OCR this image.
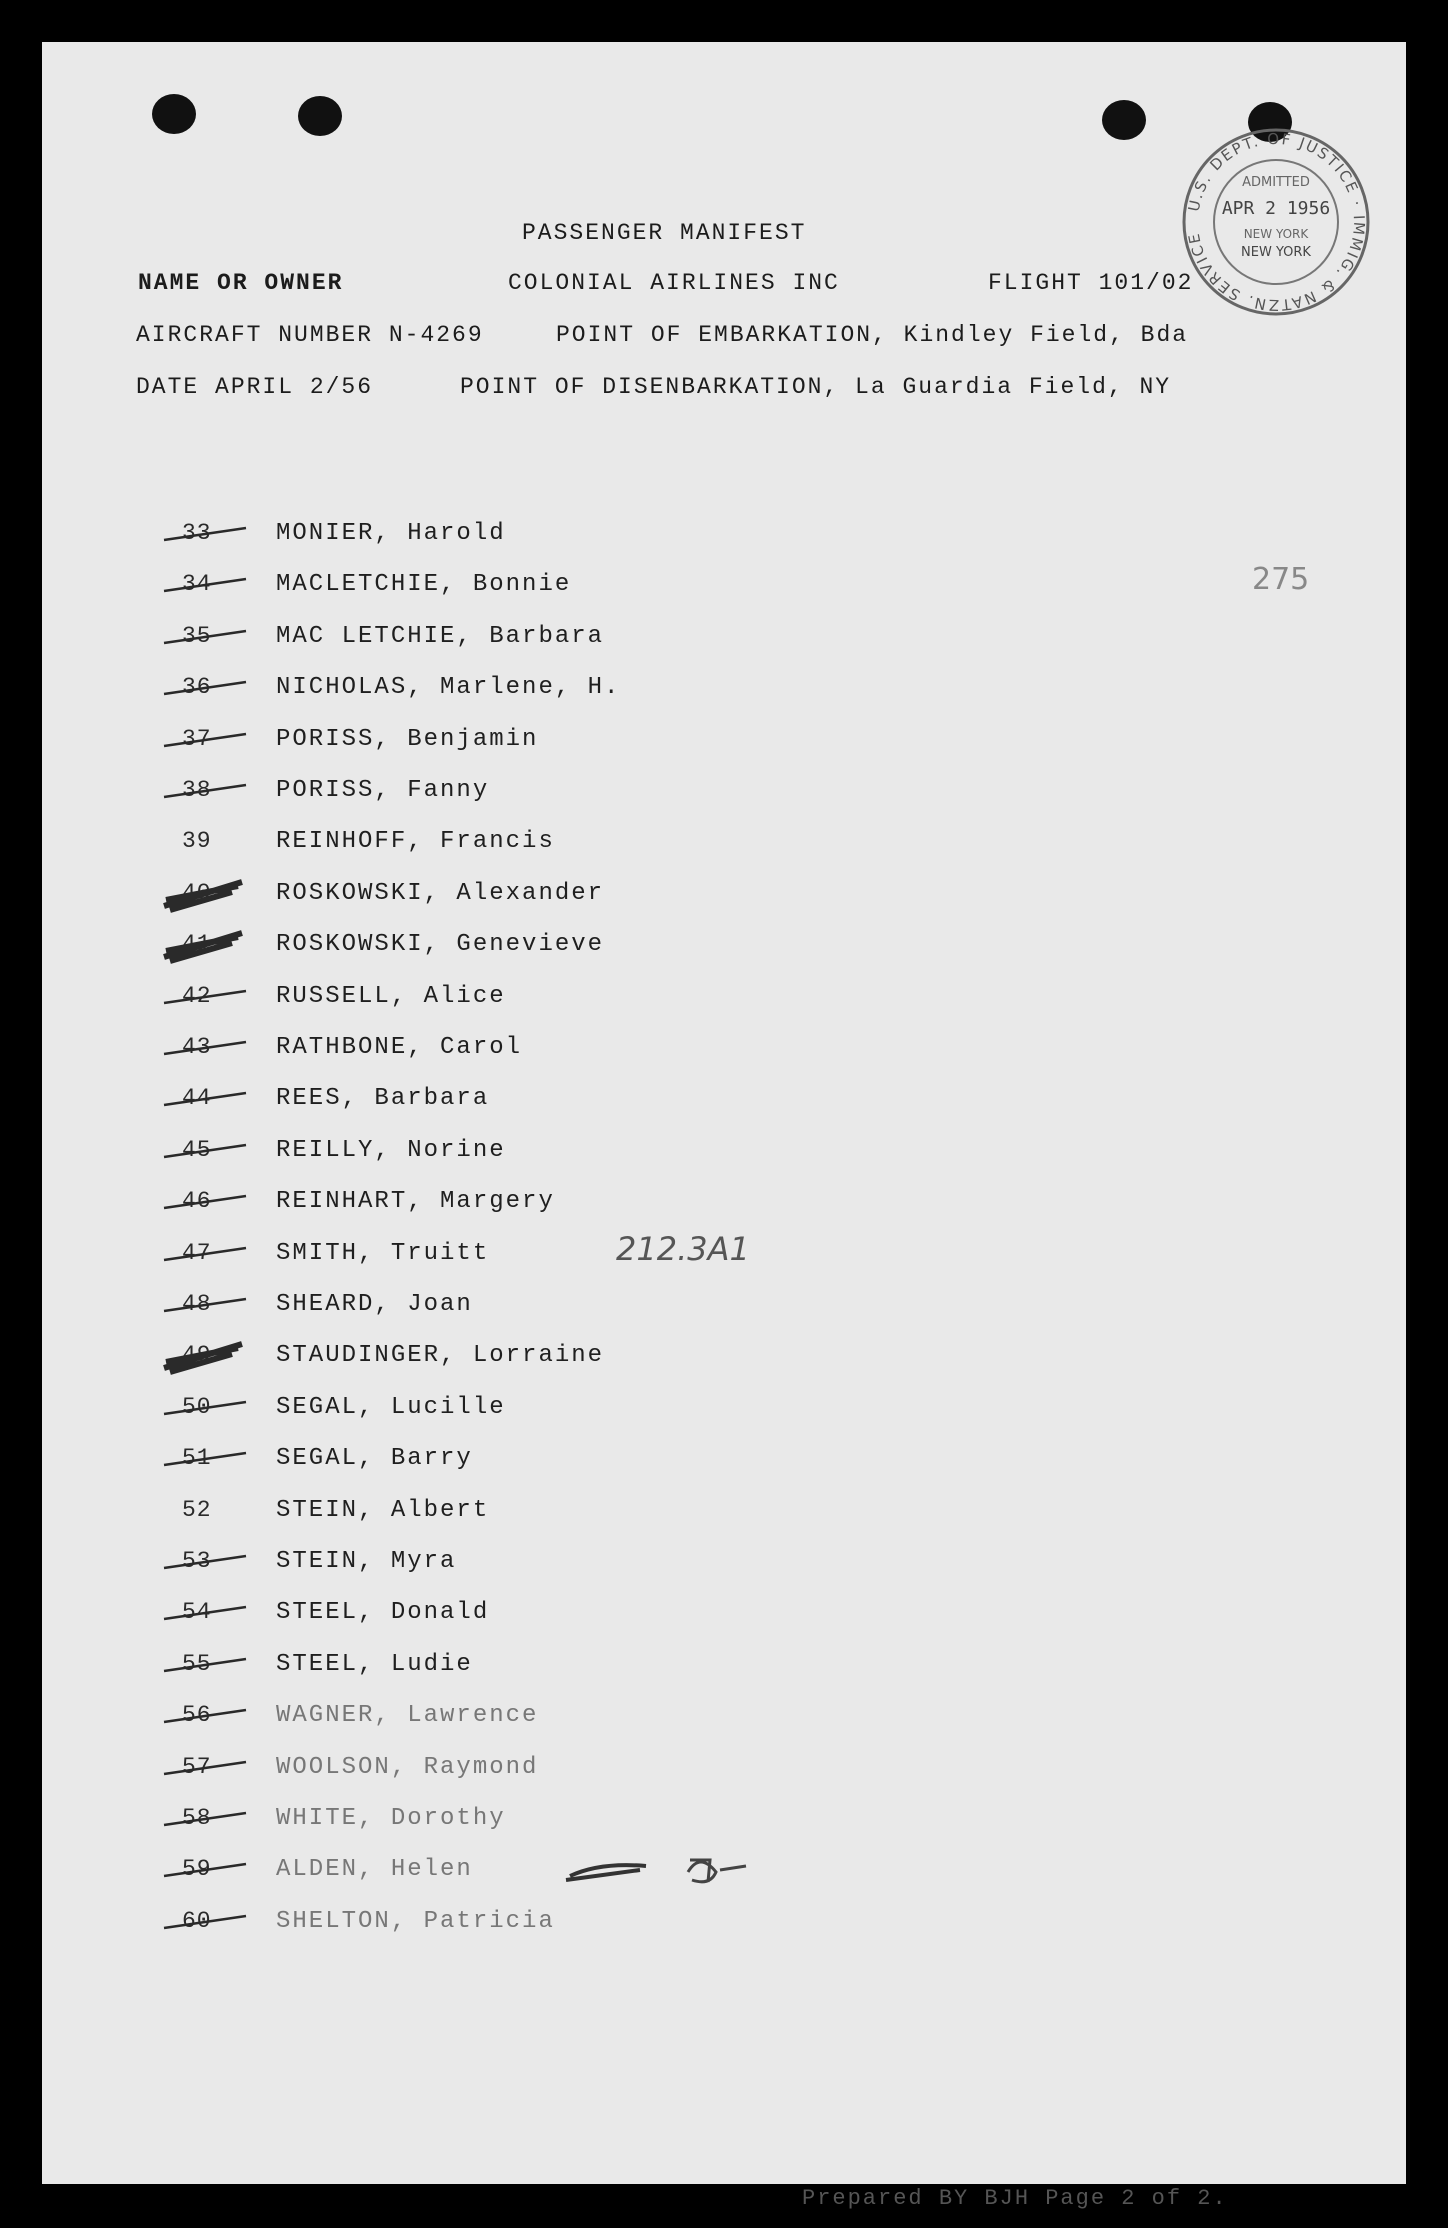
U.S. DEPT. OF JUSTICE · IMMIG. & NATZN. SERVICE
ADMITTED
APR 2 1956
NEW YORK
NEW YORK
PASSENGER MANIFEST
NAME OR OWNER	COLONIAL AIRLINES INC	FLIGHT 101/02
AIRCRAFT NUMBER N-4269	POINT OF EMBARKATION, Kindley Field, Bda
DATE APRIL 2/56	POINT OF DISENBARKATION, La Guardia Field, NY
275
212.3A1
33	MONIER, Harold
34	MACLETCHIE, Bonnie
35	MAC LETCHIE, Barbara
36	NICHOLAS, Marlene, H.
37	PORISS, Benjamin
38	PORISS, Fanny
39	REINHOFF, Francis
40	ROSKOWSKI, Alexander
41	ROSKOWSKI, Genevieve
42	RUSSELL, Alice
43	RATHBONE, Carol
44	REES, Barbara
45	REILLY, Norine
46	REINHART, Margery
47	SMITH, Truitt
48	SHEARD, Joan
49	STAUDINGER, Lorraine
50	SEGAL, Lucille
51	SEGAL, Barry
52	STEIN, Albert
53	STEIN, Myra
54	STEEL, Donald
55	STEEL, Ludie
56	WAGNER, Lawrence
57	WOOLSON, Raymond
58	WHITE, Dorothy
59	ALDEN, Helen
60	SHELTON, Patricia
Prepared BY BJH Page 2 of 2.
